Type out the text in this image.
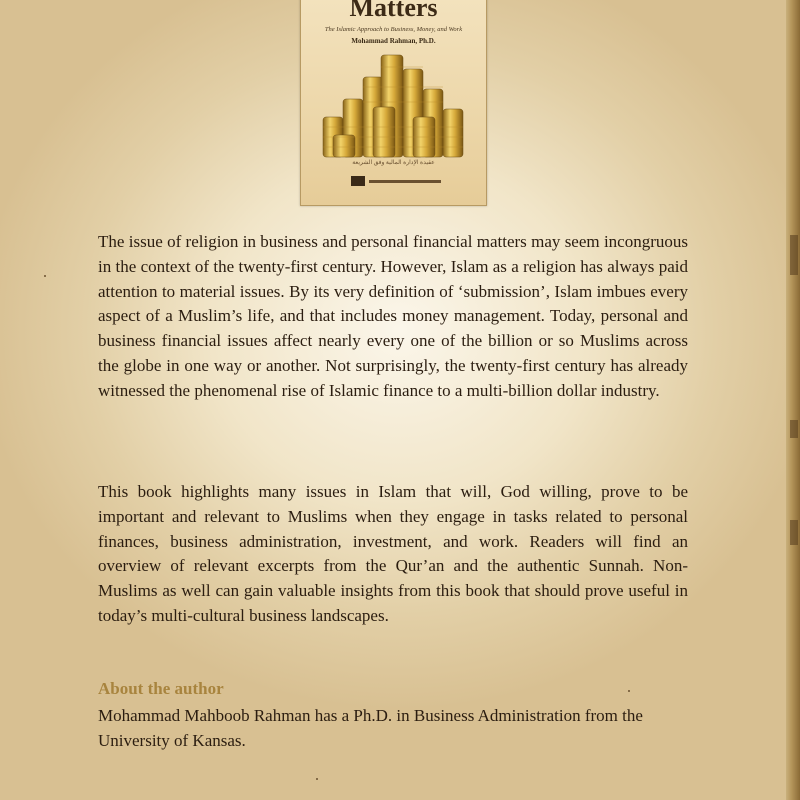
Matters
The Islamic Approach to Business, Money, and Work
Mohammad Rahman, Ph.D.
عقيدة الإدارة المالية وفق الشريعة
The issue of religion in business and personal financial matters may seem incongruous in the context of the twenty-first century. However, Islam as a religion has always paid attention to material issues. By its very definition of ‘submission’, Islam imbues every aspect of a Muslim’s life, and that includes money management. Today, personal and business financial issues affect nearly every one of the billion or so Muslims across the globe in one way or another. Not surprisingly, the twenty-first century has already witnessed the phenomenal rise of Islamic finance to a multi-billion dollar industry.
This book highlights many issues in Islam that will, God willing, prove to be important and relevant to Muslims when they engage in tasks related to personal finances, business administration, investment, and work. Readers will find an overview of relevant excerpts from the Qur’an and the authentic Sunnah. Non-Muslims as well can gain valuable insights from this book that should prove useful in today’s multi-cultural business landscapes.
About the author
Mohammad Mahboob Rahman has a Ph.D. in Business Administration from the University of Kansas.
